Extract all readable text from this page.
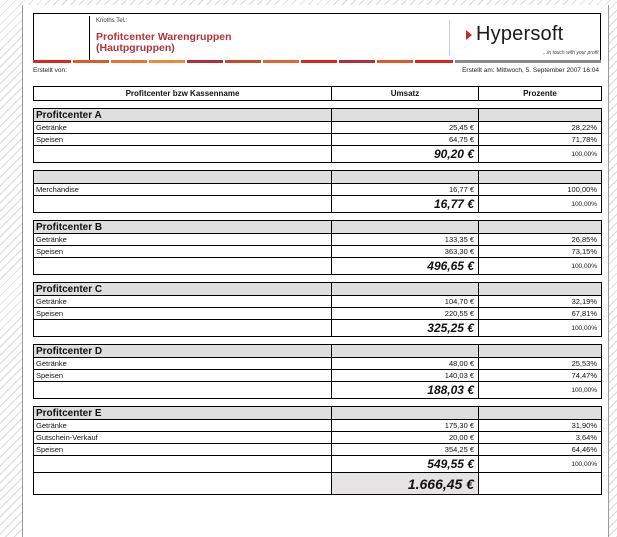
Knoths Tel.:
Profitcenter Warengruppen
(Hautpgruppen)
Hypersoft
...in touch with your profit
Erstellt von:	Erstellt am: Mittwoch, 5. September 2007 16:04
Profitcenter bzw Kassenname	Umsatz	Prozente

Profitcenter A		
Getränke	25,45 €	28,22%
Speisen	64,75 €	71,78%
	90,20 €	100,00%

Merchandise	16,77 €	100,00%
	16,77 €	100,00%

Profitcenter B		
Getränke	133,35 €	26,85%
Speisen	363,30 €	73,15%
	496,65 €	100,00%

Profitcenter C		
Getränke	104,70 €	32,19%
Speisen	220,55 €	67,81%
	325,25 €	100,00%

Profitcenter D		
Getränke	48,00 €	25,53%
Speisen	140,03 €	74,47%
	188,03 €	100,00%

Profitcenter E		
Getränke	175,30 €	31,90%
Gutschein-Verkauf	20,00 €	3,64%
Speisen	354,25 €	64,46%
	549,55 €	100,00%
	1.666,45 €	
